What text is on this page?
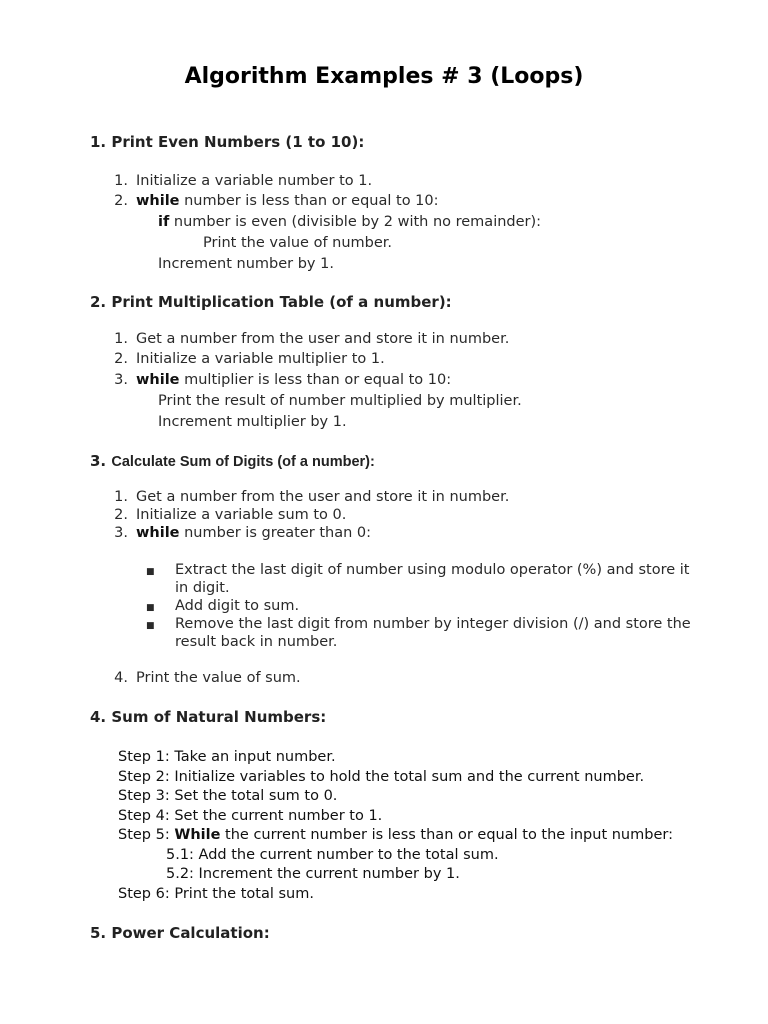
Algorithm Examples # 3 (Loops)
1. Print Even Numbers (1 to 10):
1. Initialize a variable number to 1.
2. while number is less than or equal to 10:
if number is even (divisible by 2 with no remainder):
Print the value of number.
Increment number by 1.
2. Print Multiplication Table (of a number):
1. Get a number from the user and store it in number.
2. Initialize a variable multiplier to 1.
3. while multiplier is less than or equal to 10:
Print the result of number multiplied by multiplier.
Increment multiplier by 1.
3. Calculate Sum of Digits (of a number):
1. Get a number from the user and store it in number.
2. Initialize a variable sum to 0.
3. while number is greater than 0:
■ Extract the last digit of number using modulo operator (%) and store it
in digit.
■ Add digit to sum.
■ Remove the last digit from number by integer division (/) and store the
result back in number.
4. Print the value of sum.
4. Sum of Natural Numbers:
Step 1: Take an input number.
Step 2: Initialize variables to hold the total sum and the current number.
Step 3: Set the total sum to 0.
Step 4: Set the current number to 1.
Step 5: While the current number is less than or equal to the input number:
5.1: Add the current number to the total sum.
5.2: Increment the current number by 1.
Step 6: Print the total sum.
5. Power Calculation:
